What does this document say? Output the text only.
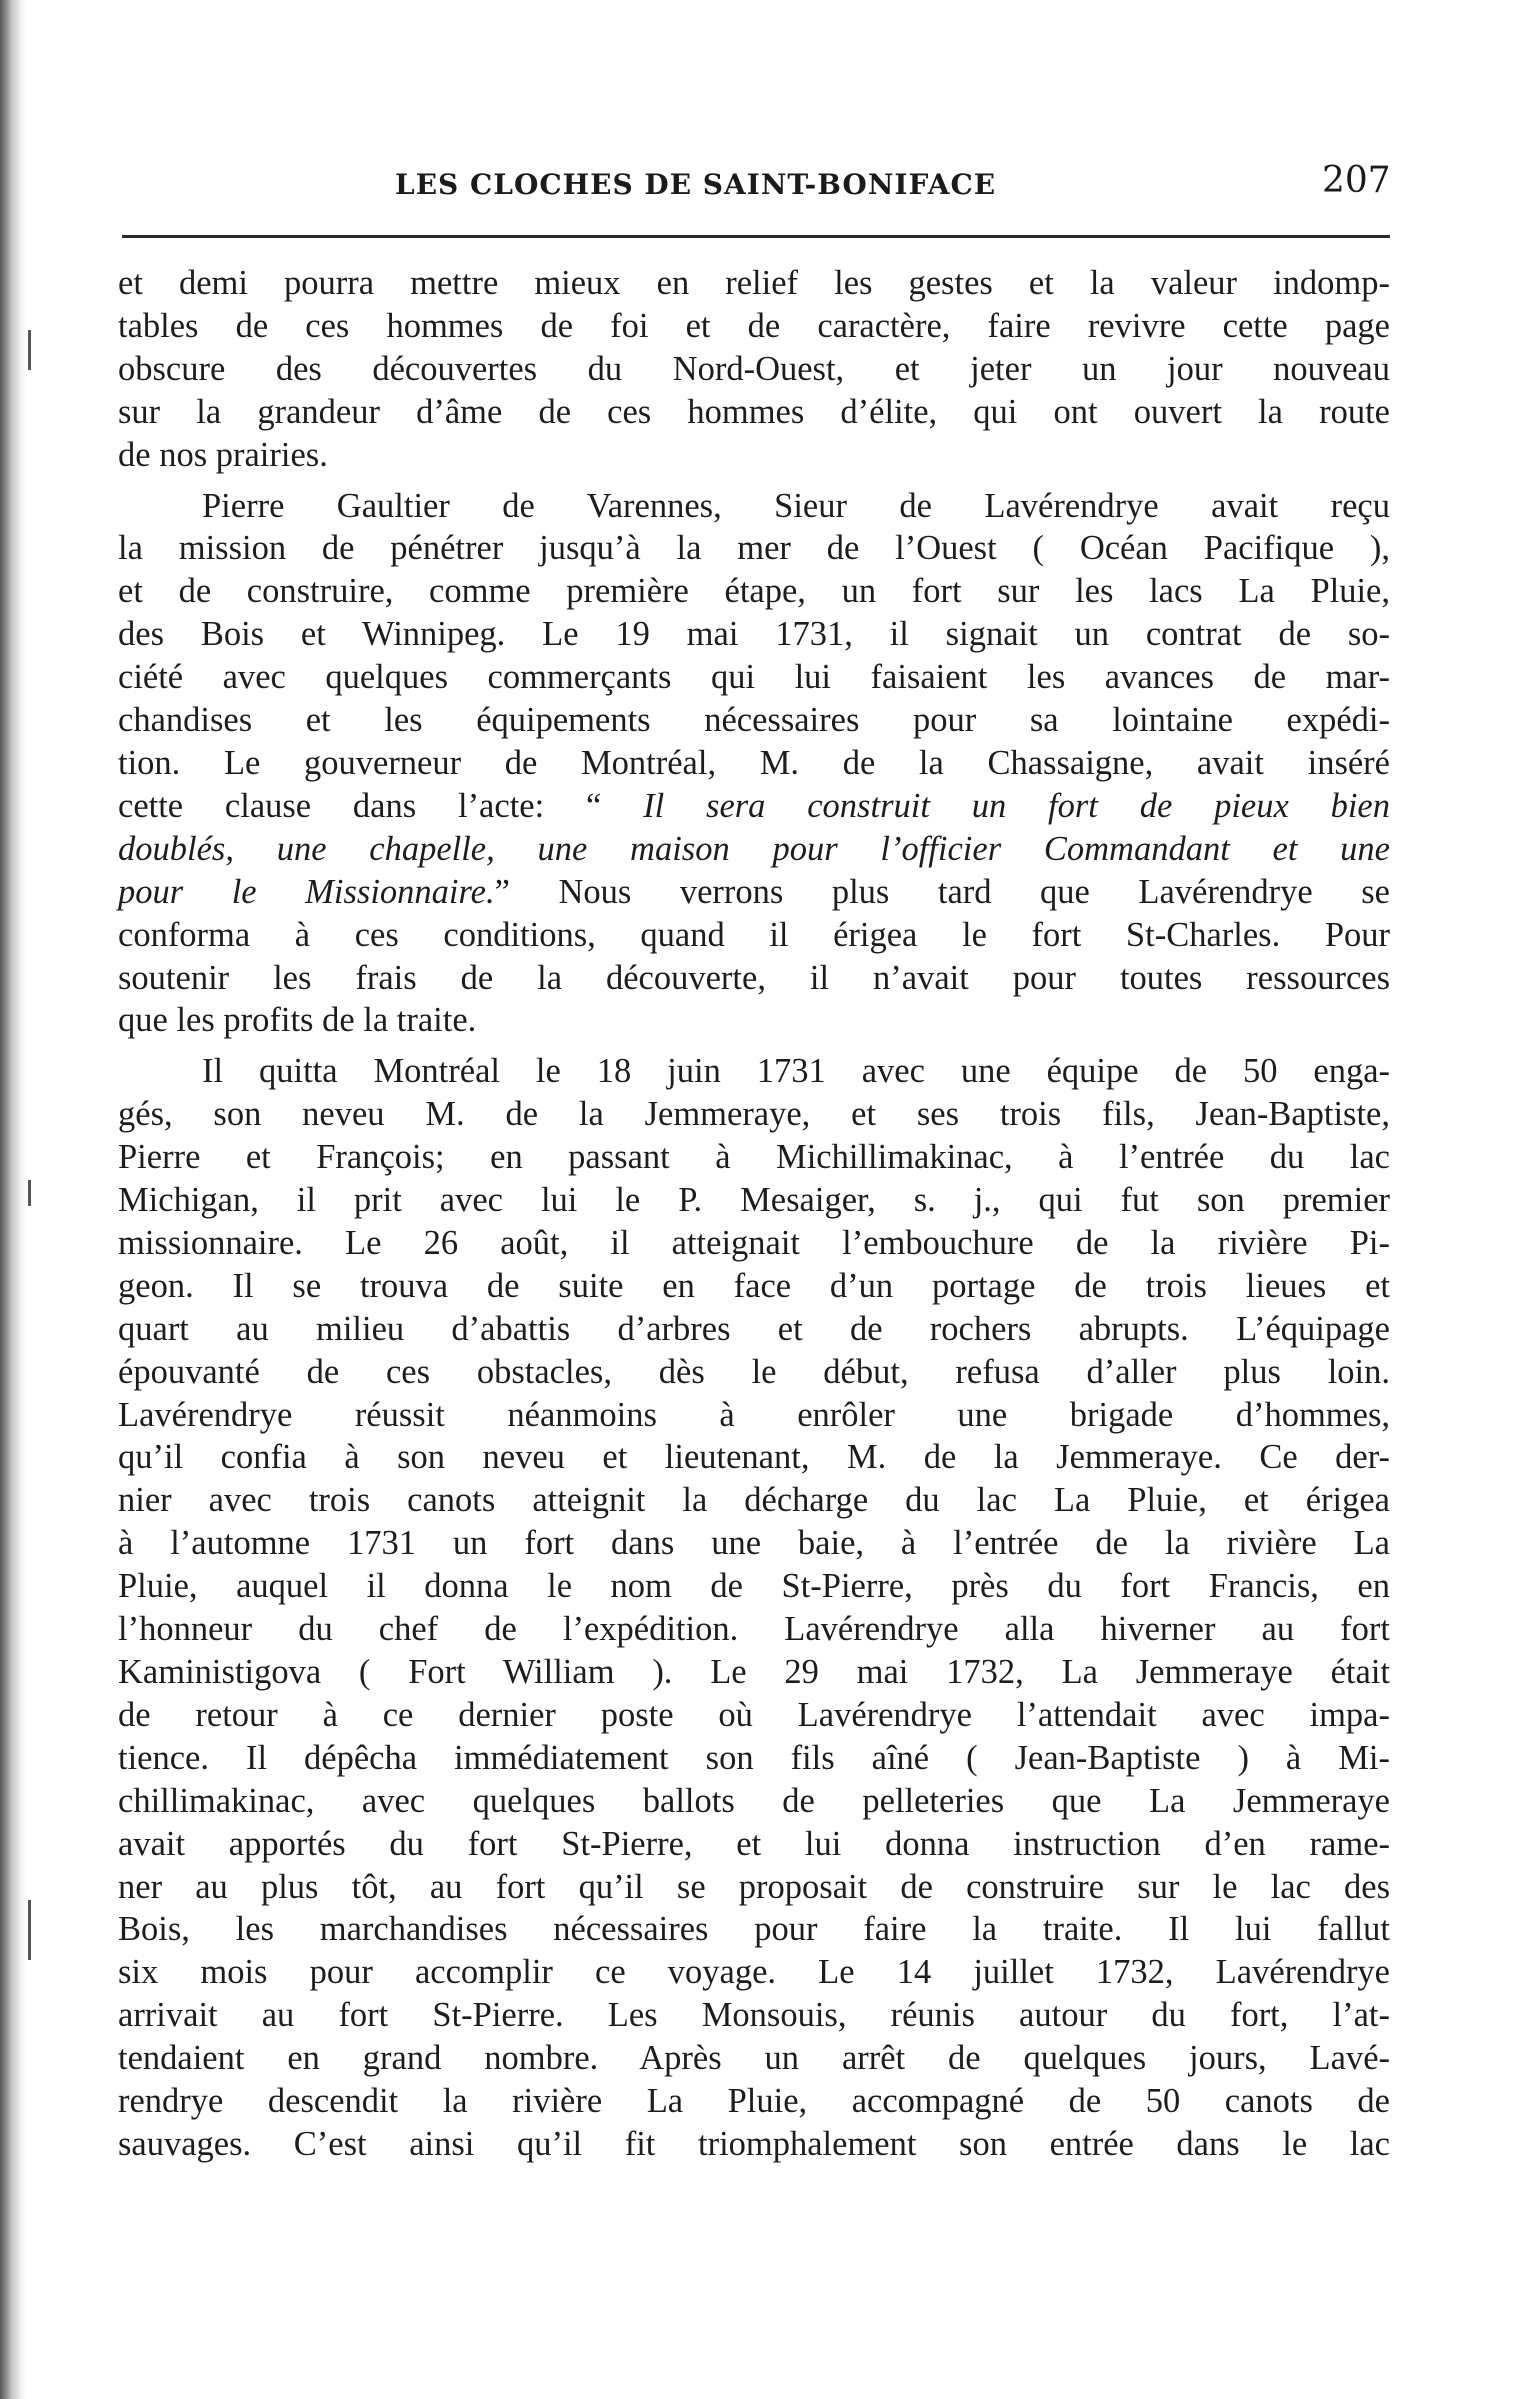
LES CLOCHES DE SAINT-BONIFACE	207
et demi pourra mettre mieux en relief les gestes et la valeur indomp-
tables de ces hommes de foi et de caractère, faire revivre cette page
obscure des découvertes du Nord-Ouest, et jeter un jour nouveau
sur la grandeur d’âme de ces hommes d’élite, qui ont ouvert la route
de nos prairies.
Pierre Gaultier de Varennes, Sieur de Lavérendrye avait reçu
la mission de pénétrer jusqu’à la mer de l’Ouest ( Océan Pacifique ),
et de construire, comme première étape, un fort sur les lacs La Pluie,
des Bois et Winnipeg. Le 19 mai 1731, il signait un contrat de so-
ciété avec quelques commerçants qui lui faisaient les avances de mar-
chandises et les équipements nécessaires pour sa lointaine expédi-
tion. Le gouverneur de Montréal, M. de la Chassaigne, avait inséré
cette clause dans l’acte: “ Il sera construit un fort de pieux bien
doublés, une chapelle, une maison pour l’officier Commandant et une
pour le Missionnaire.” Nous verrons plus tard que Lavérendrye se
conforma à ces conditions, quand il érigea le fort St-Charles. Pour
soutenir les frais de la découverte, il n’avait pour toutes ressources
que les profits de la traite.
Il quitta Montréal le 18 juin 1731 avec une équipe de 50 enga-
gés, son neveu M. de la Jemmeraye, et ses trois fils, Jean-Baptiste,
Pierre et François; en passant à Michillimakinac, à l’entrée du lac
Michigan, il prit avec lui le P. Mesaiger, s. j., qui fut son premier
missionnaire. Le 26 août, il atteignait l’embouchure de la rivière Pi-
geon. Il se trouva de suite en face d’un portage de trois lieues et
quart au milieu d’abattis d’arbres et de rochers abrupts. L’équipage
épouvanté de ces obstacles, dès le début, refusa d’aller plus loin.
Lavérendrye réussit néanmoins à enrôler une brigade d’hommes,
qu’il confia à son neveu et lieutenant, M. de la Jemmeraye. Ce der-
nier avec trois canots atteignit la décharge du lac La Pluie, et érigea
à l’automne 1731 un fort dans une baie, à l’entrée de la rivière La
Pluie, auquel il donna le nom de St-Pierre, près du fort Francis, en
l’honneur du chef de l’expédition. Lavérendrye alla hiverner au fort
Kaministigova ( Fort William ). Le 29 mai 1732, La Jemmeraye était
de retour à ce dernier poste où Lavérendrye l’attendait avec impa-
tience. Il dépêcha immédiatement son fils aîné ( Jean-Baptiste ) à Mi-
chillimakinac, avec quelques ballots de pelleteries que La Jemmeraye
avait apportés du fort St-Pierre, et lui donna instruction d’en rame-
ner au plus tôt, au fort qu’il se proposait de construire sur le lac des
Bois, les marchandises nécessaires pour faire la traite. Il lui fallut
six mois pour accomplir ce voyage. Le 14 juillet 1732, Lavérendrye
arrivait au fort St-Pierre. Les Monsouis, réunis autour du fort, l’at-
tendaient en grand nombre. Après un arrêt de quelques jours, Lavé-
rendrye descendit la rivière La Pluie, accompagné de 50 canots de
sauvages. C’est ainsi qu’il fit triomphalement son entrée dans le lac
